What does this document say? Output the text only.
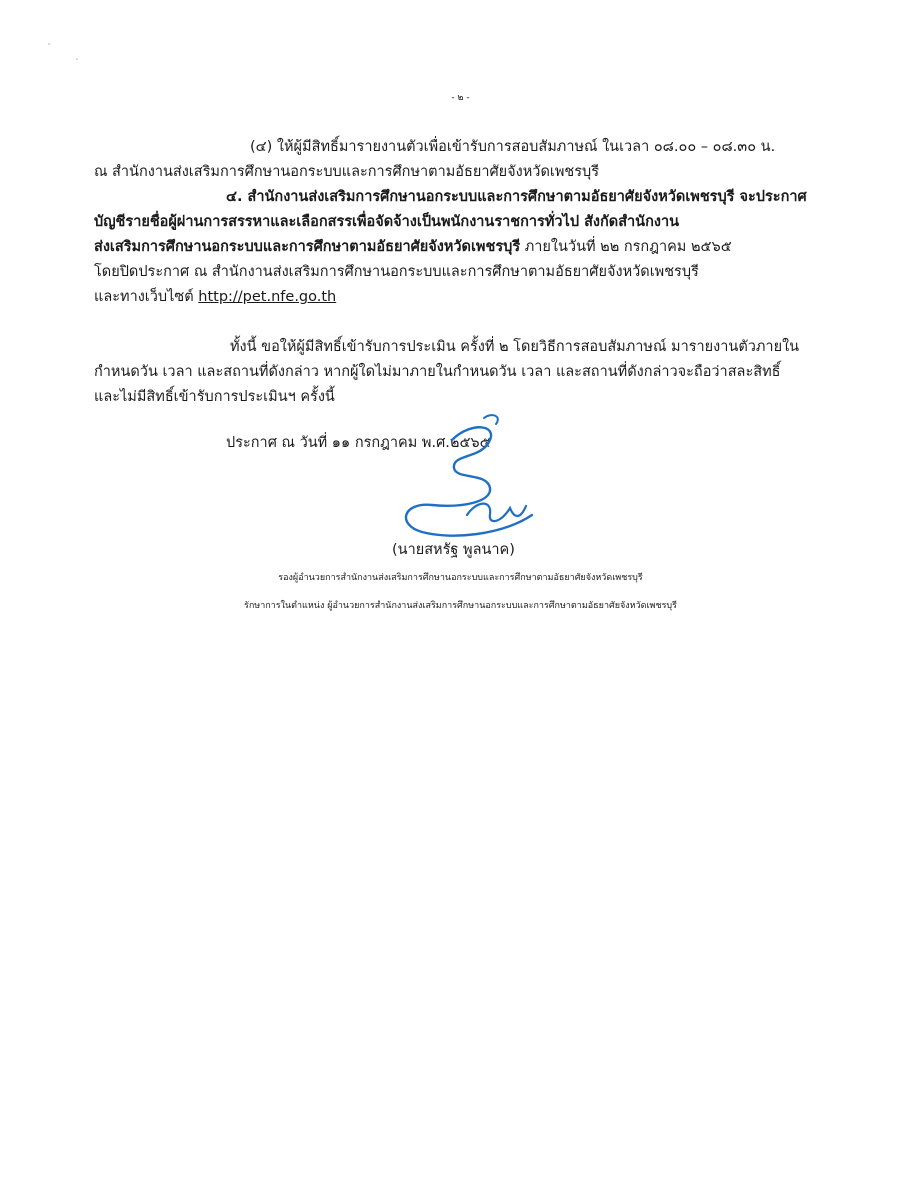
- ๒ -
(๔) ให้ผู้มีสิทธิ์มารายงานตัวเพื่อเข้ารับการสอบสัมภาษณ์ ในเวลา ๐๘.๐๐ – ๐๘.๓๐ น.
ณ สำนักงานส่งเสริมการศึกษานอกระบบและการศึกษาตามอัธยาศัยจังหวัดเพชรบุรี
๔. สำนักงานส่งเสริมการศึกษานอกระบบและการศึกษาตามอัธยาศัยจังหวัดเพชรบุรี จะประกาศ
บัญชีรายชื่อผู้ผ่านการสรรหาและเลือกสรรเพื่อจัดจ้างเป็นพนักงานราชการทั่วไป สังกัดสำนักงาน
ส่งเสริมการศึกษานอกระบบและการศึกษาตามอัธยาศัยจังหวัดเพชรบุรี ภายในวันที่ ๒๒ กรกฎาคม ๒๕๖๕
โดยปิดประกาศ ณ สำนักงานส่งเสริมการศึกษานอกระบบและการศึกษาตามอัธยาศัยจังหวัดเพชรบุรี
และทางเว็บไซต์ http://pet.nfe.go.th
ทั้งนี้ ขอให้ผู้มีสิทธิ์เข้ารับการประเมิน ครั้งที่ ๒ โดยวิธีการสอบสัมภาษณ์ มารายงานตัวภายใน
กำหนดวัน เวลา และสถานที่ดังกล่าว หากผู้ใดไม่มาภายในกำหนดวัน เวลา และสถานที่ดังกล่าวจะถือว่าสละสิทธิ์
และไม่มีสิทธิ์เข้ารับการประเมินฯ ครั้งนี้
ประกาศ ณ วันที่ ๑๑ กรกฎาคม พ.ศ.๒๕๖๕
(นายสหรัฐ พูลนาค)
รองผู้อำนวยการสำนักงานส่งเสริมการศึกษานอกระบบและการศึกษาตามอัธยาศัยจังหวัดเพชรบุรี
รักษาการในตำแหน่ง ผู้อำนวยการสำนักงานส่งเสริมการศึกษานอกระบบและการศึกษาตามอัธยาศัยจังหวัดเพชรบุรี
